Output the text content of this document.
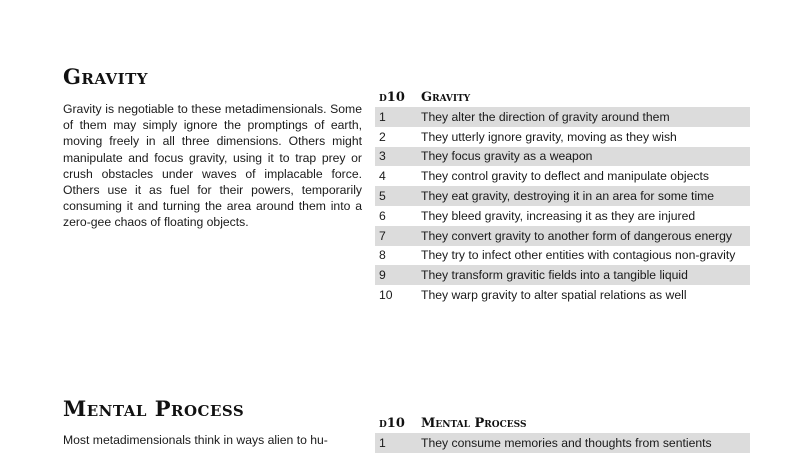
Gravity

Gravity is negotiable to these metadimensionals. Some of them may simply ignore the promptings of earth, moving freely in all three dimensions. Others might manipulate and focus gravity, using it to trap prey or crush obstacles under waves of implacable force. Others use it as fuel for their powers, temporarily consuming it and turning the area around them into a zero-gee chaos of floating objects.

d10	Gravity

1	They alter the direction of gravity around them
2	They utterly ignore gravity, moving as they wish
3	They focus gravity as a weapon
4	They control gravity to deflect and manipulate objects
5	They eat gravity, destroying it in an area for some time
6	They bleed gravity, increasing it as they are injured
7	They convert gravity to another form of dangerous energy
8	They try to infect other entities with contagious non-gravity
9	They transform gravitic fields into a tangible liquid
10	They warp gravity to alter spatial relations as well
Mental Process

Most metadimensionals think in ways alien to hu-

d10	Mental Process

1	They consume memories and thoughts from sentients
